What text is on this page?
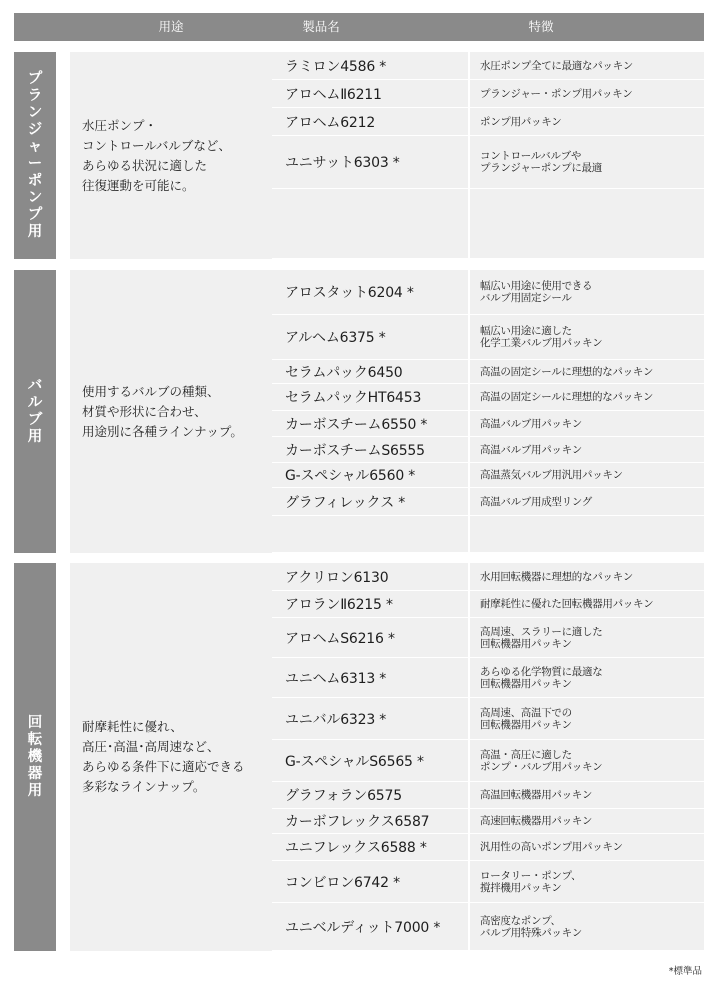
用途	製品名	特徴
プ
ラ
ン
ジ
ャ
ー
ポ
ン
プ
用
水圧ポンプ・
コントロールバルブなど、
あらゆる状況に適した
往復運動を可能に。
ラミロン4586 *	水圧ポンプ全てに最適なパッキン
アロヘムⅡ6211	プランジャー・ポンプ用パッキン
アロヘム6212	ポンプ用パッキン
ユニサット6303 *	コントロールバルブや
プランジャーポンプに最適
バ
ル
ブ
用
使用するバルブの種類、
材質や形状に合わせ、
用途別に各種ラインナップ。
アロスタット6204 *	幅広い用途に使用できる
バルブ用固定シール
アルヘム6375 *	幅広い用途に適した
化学工業バルブ用パッキン
セラムパック6450	高温の固定シールに理想的なパッキン
セラムパックHT6453	高温の固定シールに理想的なパッキン
カーボスチーム6550 *	高温バルブ用パッキン
カーボスチームS6555	高温バルブ用パッキン
G-スペシャル6560 *	高温蒸気バルブ用汎用パッキン
グラフィレックス *	高温バルブ用成型リング
回
転
機
器
用
耐摩耗性に優れ、
高圧･高温･高周速など、
あらゆる条件下に適応できる
多彩なラインナップ。
アクリロン6130	水用回転機器に理想的なパッキン
アロランⅡ6215 *	耐摩耗性に優れた回転機器用パッキン
アロヘムS6216 *	高周速、スラリーに適した
回転機器用パッキン
ユニヘム6313 *	あらゆる化学物質に最適な
回転機器用パッキン
ユニバル6323 *	高周速、高温下での
回転機器用パッキン
G-スペシャルS6565 *	高温・高圧に適した
ポンプ・バルブ用パッキン
グラフォラン6575	高温回転機器用パッキン
カーボフレックス6587	高速回転機器用パッキン
ユニフレックス6588 *	汎用性の高いポンプ用パッキン
コンビロン6742 *	ロータリー・ポンプ、
撹拌機用パッキン
ユニベルディット7000 *	高密度なポンプ、
バルブ用特殊パッキン
*標準品
